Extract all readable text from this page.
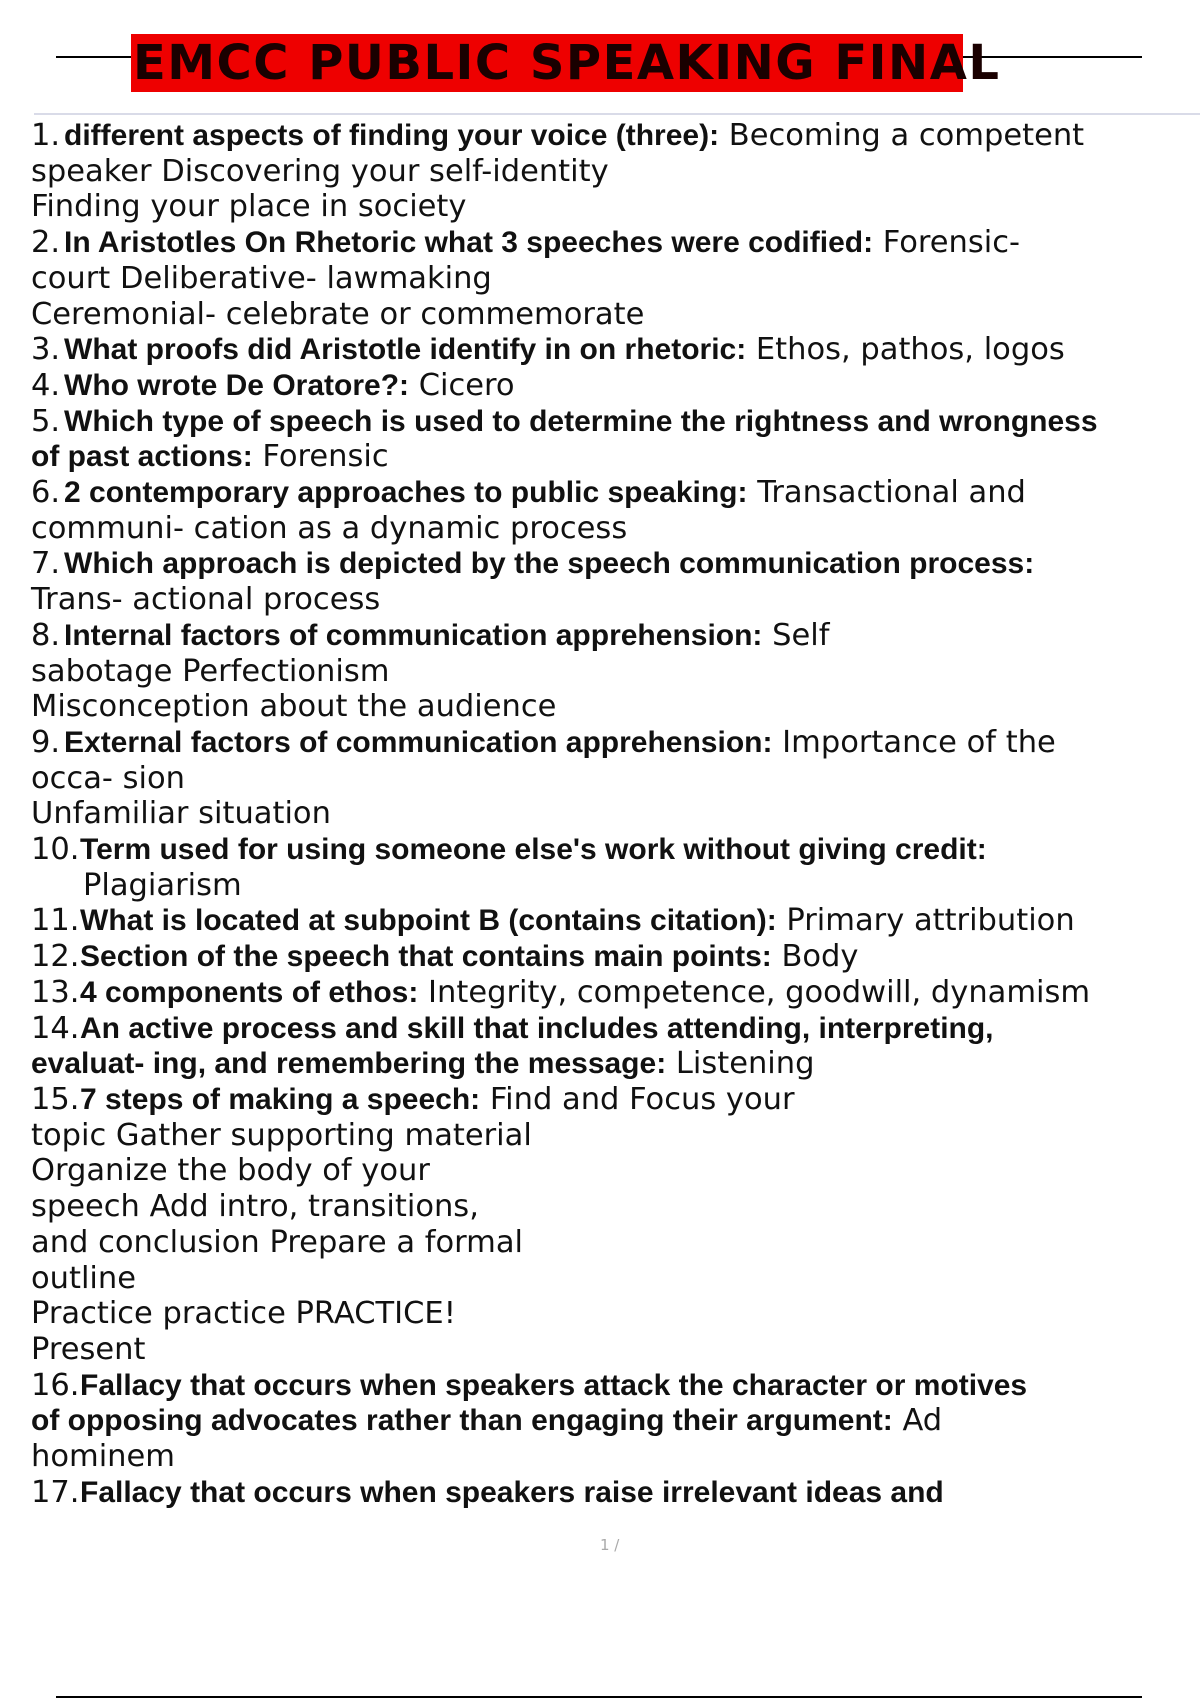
EMCC PUBLIC SPEAKING FINAL
1. different aspects of finding your voice (three): Becoming a competent
speaker Discovering your self-identity
Finding your place in society
2. In Aristotles On Rhetoric what 3 speeches were codified: Forensic-
court Deliberative- lawmaking
Ceremonial- celebrate or commemorate
3. What proofs did Aristotle identify in on rhetoric: Ethos, pathos, logos
4. Who wrote De Oratore?: Cicero
5. Which type of speech is used to determine the rightness and wrongness
of past actions: Forensic
6. 2 contemporary approaches to public speaking: Transactional and
communi- cation as a dynamic process
7. Which approach is depicted by the speech communication process:
Trans- actional process
8. Internal factors of communication apprehension: Self
sabotage Perfectionism
Misconception about the audience
9. External factors of communication apprehension: Importance of the
occa- sion
Unfamiliar situation
10.Term used for using someone else's work without giving credit:
Plagiarism
11.What is located at subpoint B (contains citation): Primary attribution
12.Section of the speech that contains main points: Body
13.4 components of ethos: Integrity, competence, goodwill, dynamism
14.An active process and skill that includes attending, interpreting,
evaluat- ing, and remembering the message: Listening
15.7 steps of making a speech: Find and Focus your
topic Gather supporting material
Organize the body of your
speech Add intro, transitions,
and conclusion Prepare a formal
outline
Practice practice PRACTICE!
Present
16.Fallacy that occurs when speakers attack the character or motives
of opposing advocates rather than engaging their argument: Ad
hominem
17.Fallacy that occurs when speakers raise irrelevant ideas and
1 /
